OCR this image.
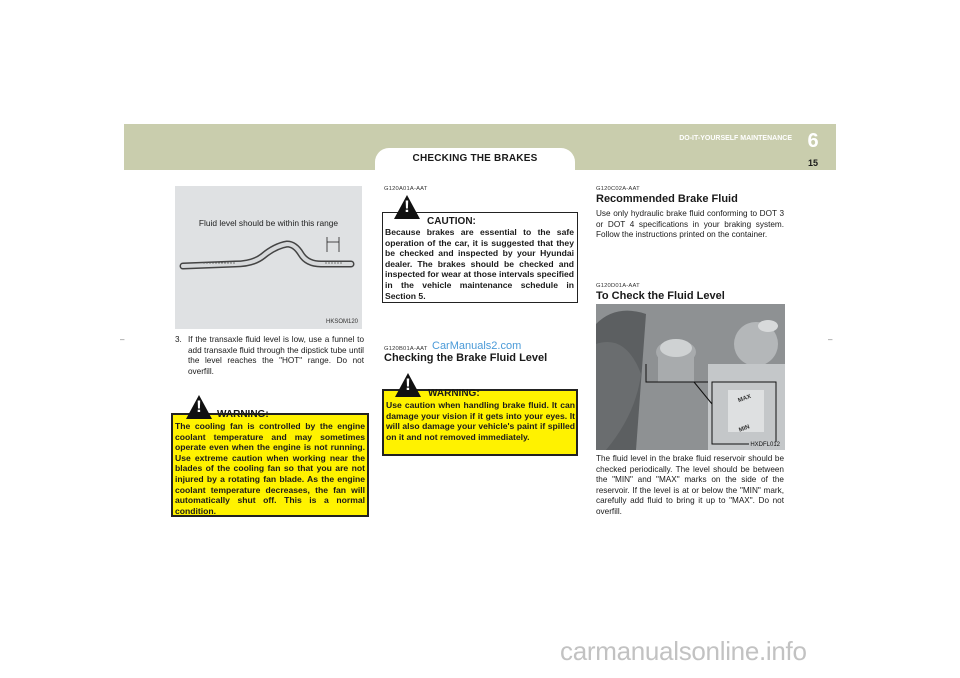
CHECKING THE BRAKES
6
DO-IT-YOURSELF MAINTENANCE
15
–	–
Fluid level should be within this range
HKSOM120
3. If the transaxle fluid level is low, use a funnel to add transaxle fluid through the dipstick tube until the level reaches the "HOT" range. Do not overfill.
!	WARNING:
The cooling fan is controlled by the engine coolant temperature and may sometimes operate even when the engine is not running. Use extreme caution when working near the blades of the cooling fan so that you are not injured by a rotating fan blade. As the engine coolant temperature decreases, the fan will automatically shut off. This is a normal condition.
G120A01A-AAT
!
CAUTION:
Because brakes are essential to the safe operation of the car, it is suggested that they be checked and inspected by your Hyundai dealer. The brakes should be checked and inspected for wear at those intervals specified in the vehicle maintenance schedule in Section 5.
G120B01A-AAT CarManuals2.com
Checking the Brake Fluid Level
!	WARNING:
Use caution when handling brake fluid. It can damage your vision if it gets into your eyes. It will also damage your vehicle's paint if spilled on it and not removed immediately.
G120C02A-AAT
Recommended Brake Fluid
Use only hydraulic brake fluid conforming to DOT 3 or DOT 4 specifications in your braking system. Follow the instructions printed on the container.
G120D01A-AAT
To Check the Fluid Level
MAX
MIN
HXDFL012
The fluid level in the brake fluid reservoir should be checked periodically. The level should be between the "MIN" and "MAX" marks on the side of the reservoir. If the level is at or below the "MIN" mark, carefully add fluid to bring it up to "MAX". Do not overfill.
carmanualsonline.info
